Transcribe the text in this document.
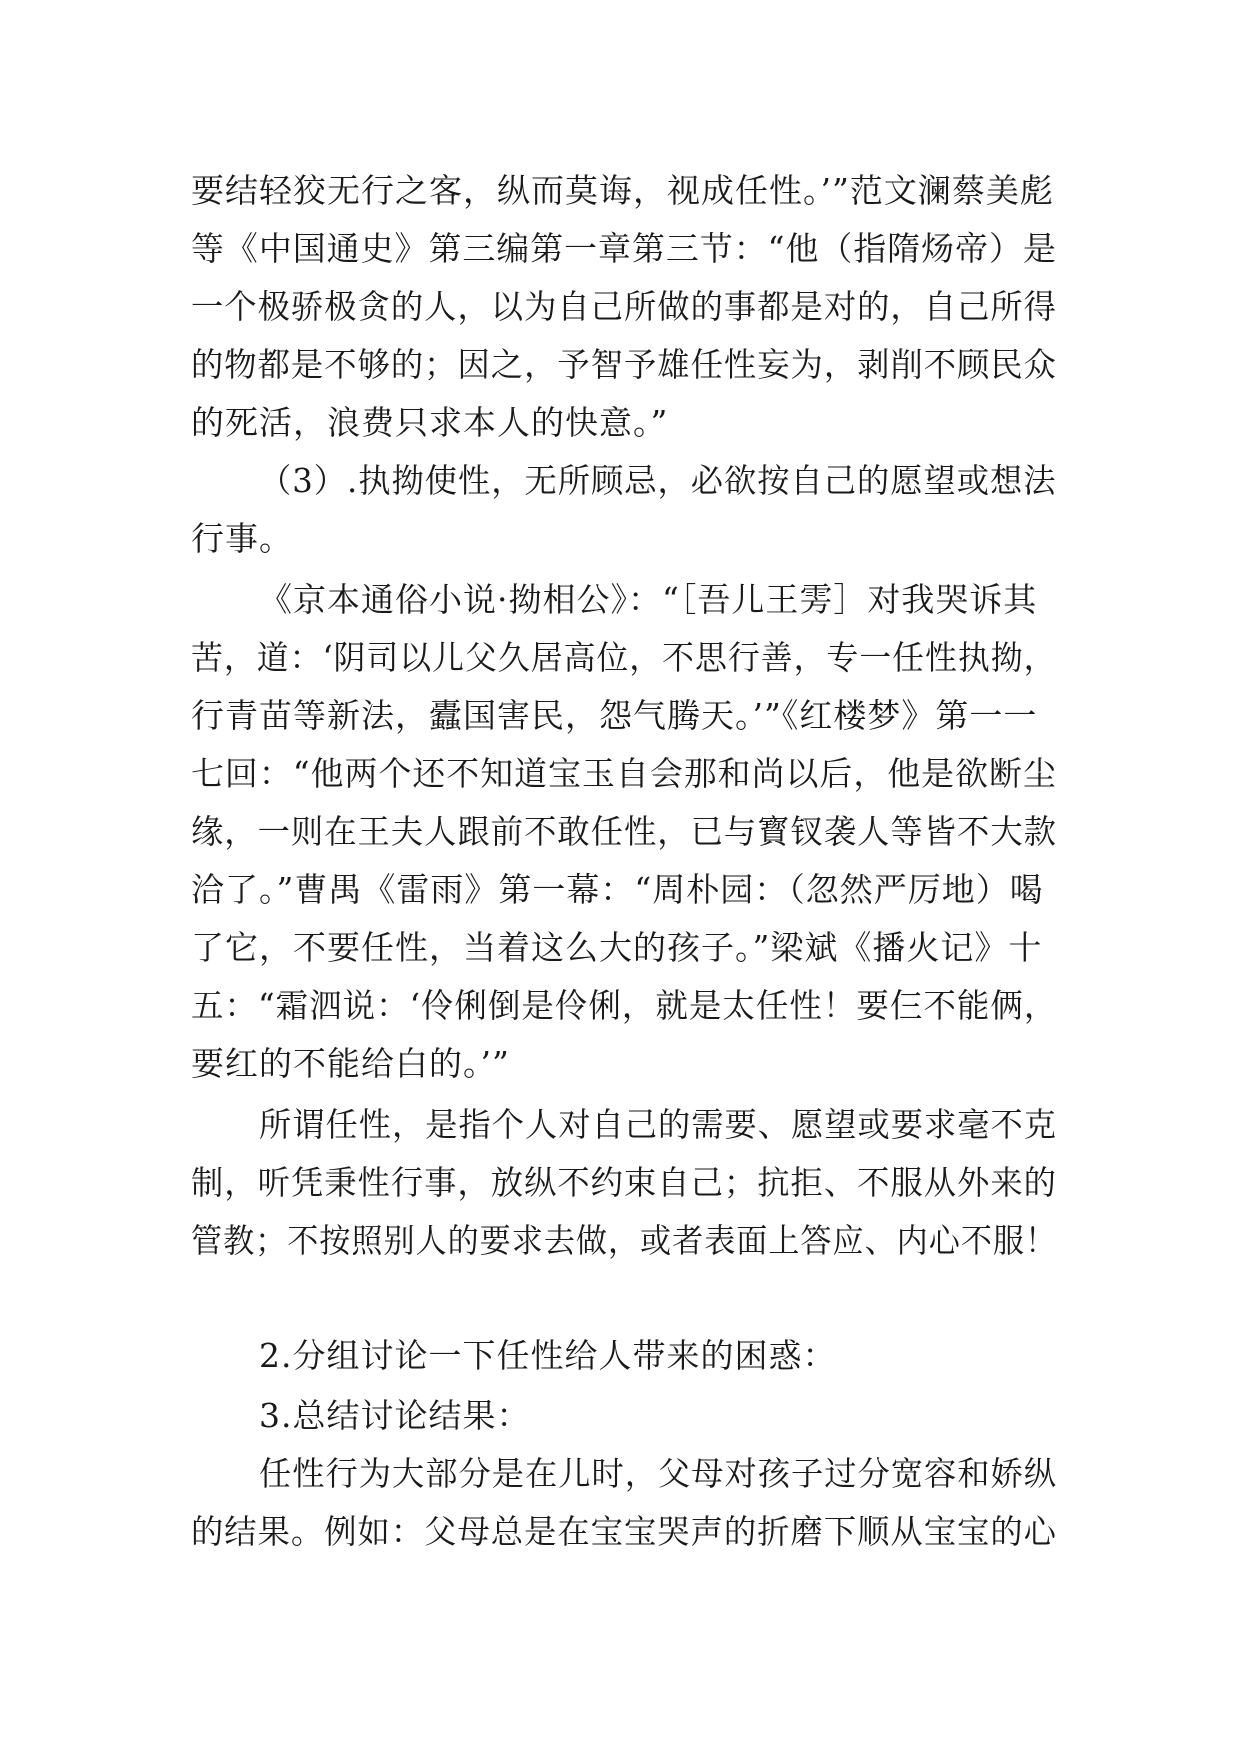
要结轻狡无行之客，纵而莫诲，视成任性。’”范文澜蔡美彪
等《中国通史》第三编第一章第三节：“他（指隋炀帝）是
一个极骄极贪的人，以为自己所做的事都是对的，自己所得
的物都是不够的；因之，予智予雄任性妄为，剥削不顾民众
的死活，浪费只求本人的快意。”
（3）.执拗使性，无所顾忌，必欲按自己的愿望或想法
行事。
《京本通俗小说·拗相公》：“［吾儿王雱］对我哭诉其
苦，道：‘阴司以儿父久居高位，不思行善，专一任性执拗，
行青苗等新法，蠹国害民，怨气腾天。’”《红楼梦》第一一
七回：“他两个还不知道宝玉自会那和尚以后，他是欲断尘
缘，一则在王夫人跟前不敢任性，已与寳钗袭人等皆不大款
洽了。”曹禺《雷雨》第一幕：“周朴园：（忽然严厉地）喝
了它，不要任性，当着这么大的孩子。”梁斌《播火记》十
五：“霜泗说：‘伶俐倒是伶俐，就是太任性！要仨不能俩，
要红的不能给白的。’”
所谓任性，是指个人对自己的需要、愿望或要求毫不克
制，听凭秉性行事，放纵不约束自己；抗拒、不服从外来的
管教；不按照别人的要求去做，或者表面上答应、内心不服！
2.分组讨论一下任性给人带来的困惑：
3.总结讨论结果：
任性行为大部分是在儿时，父母对孩子过分宽容和娇纵
的结果。例如：父母总是在宝宝哭声的折磨下顺从宝宝的心
